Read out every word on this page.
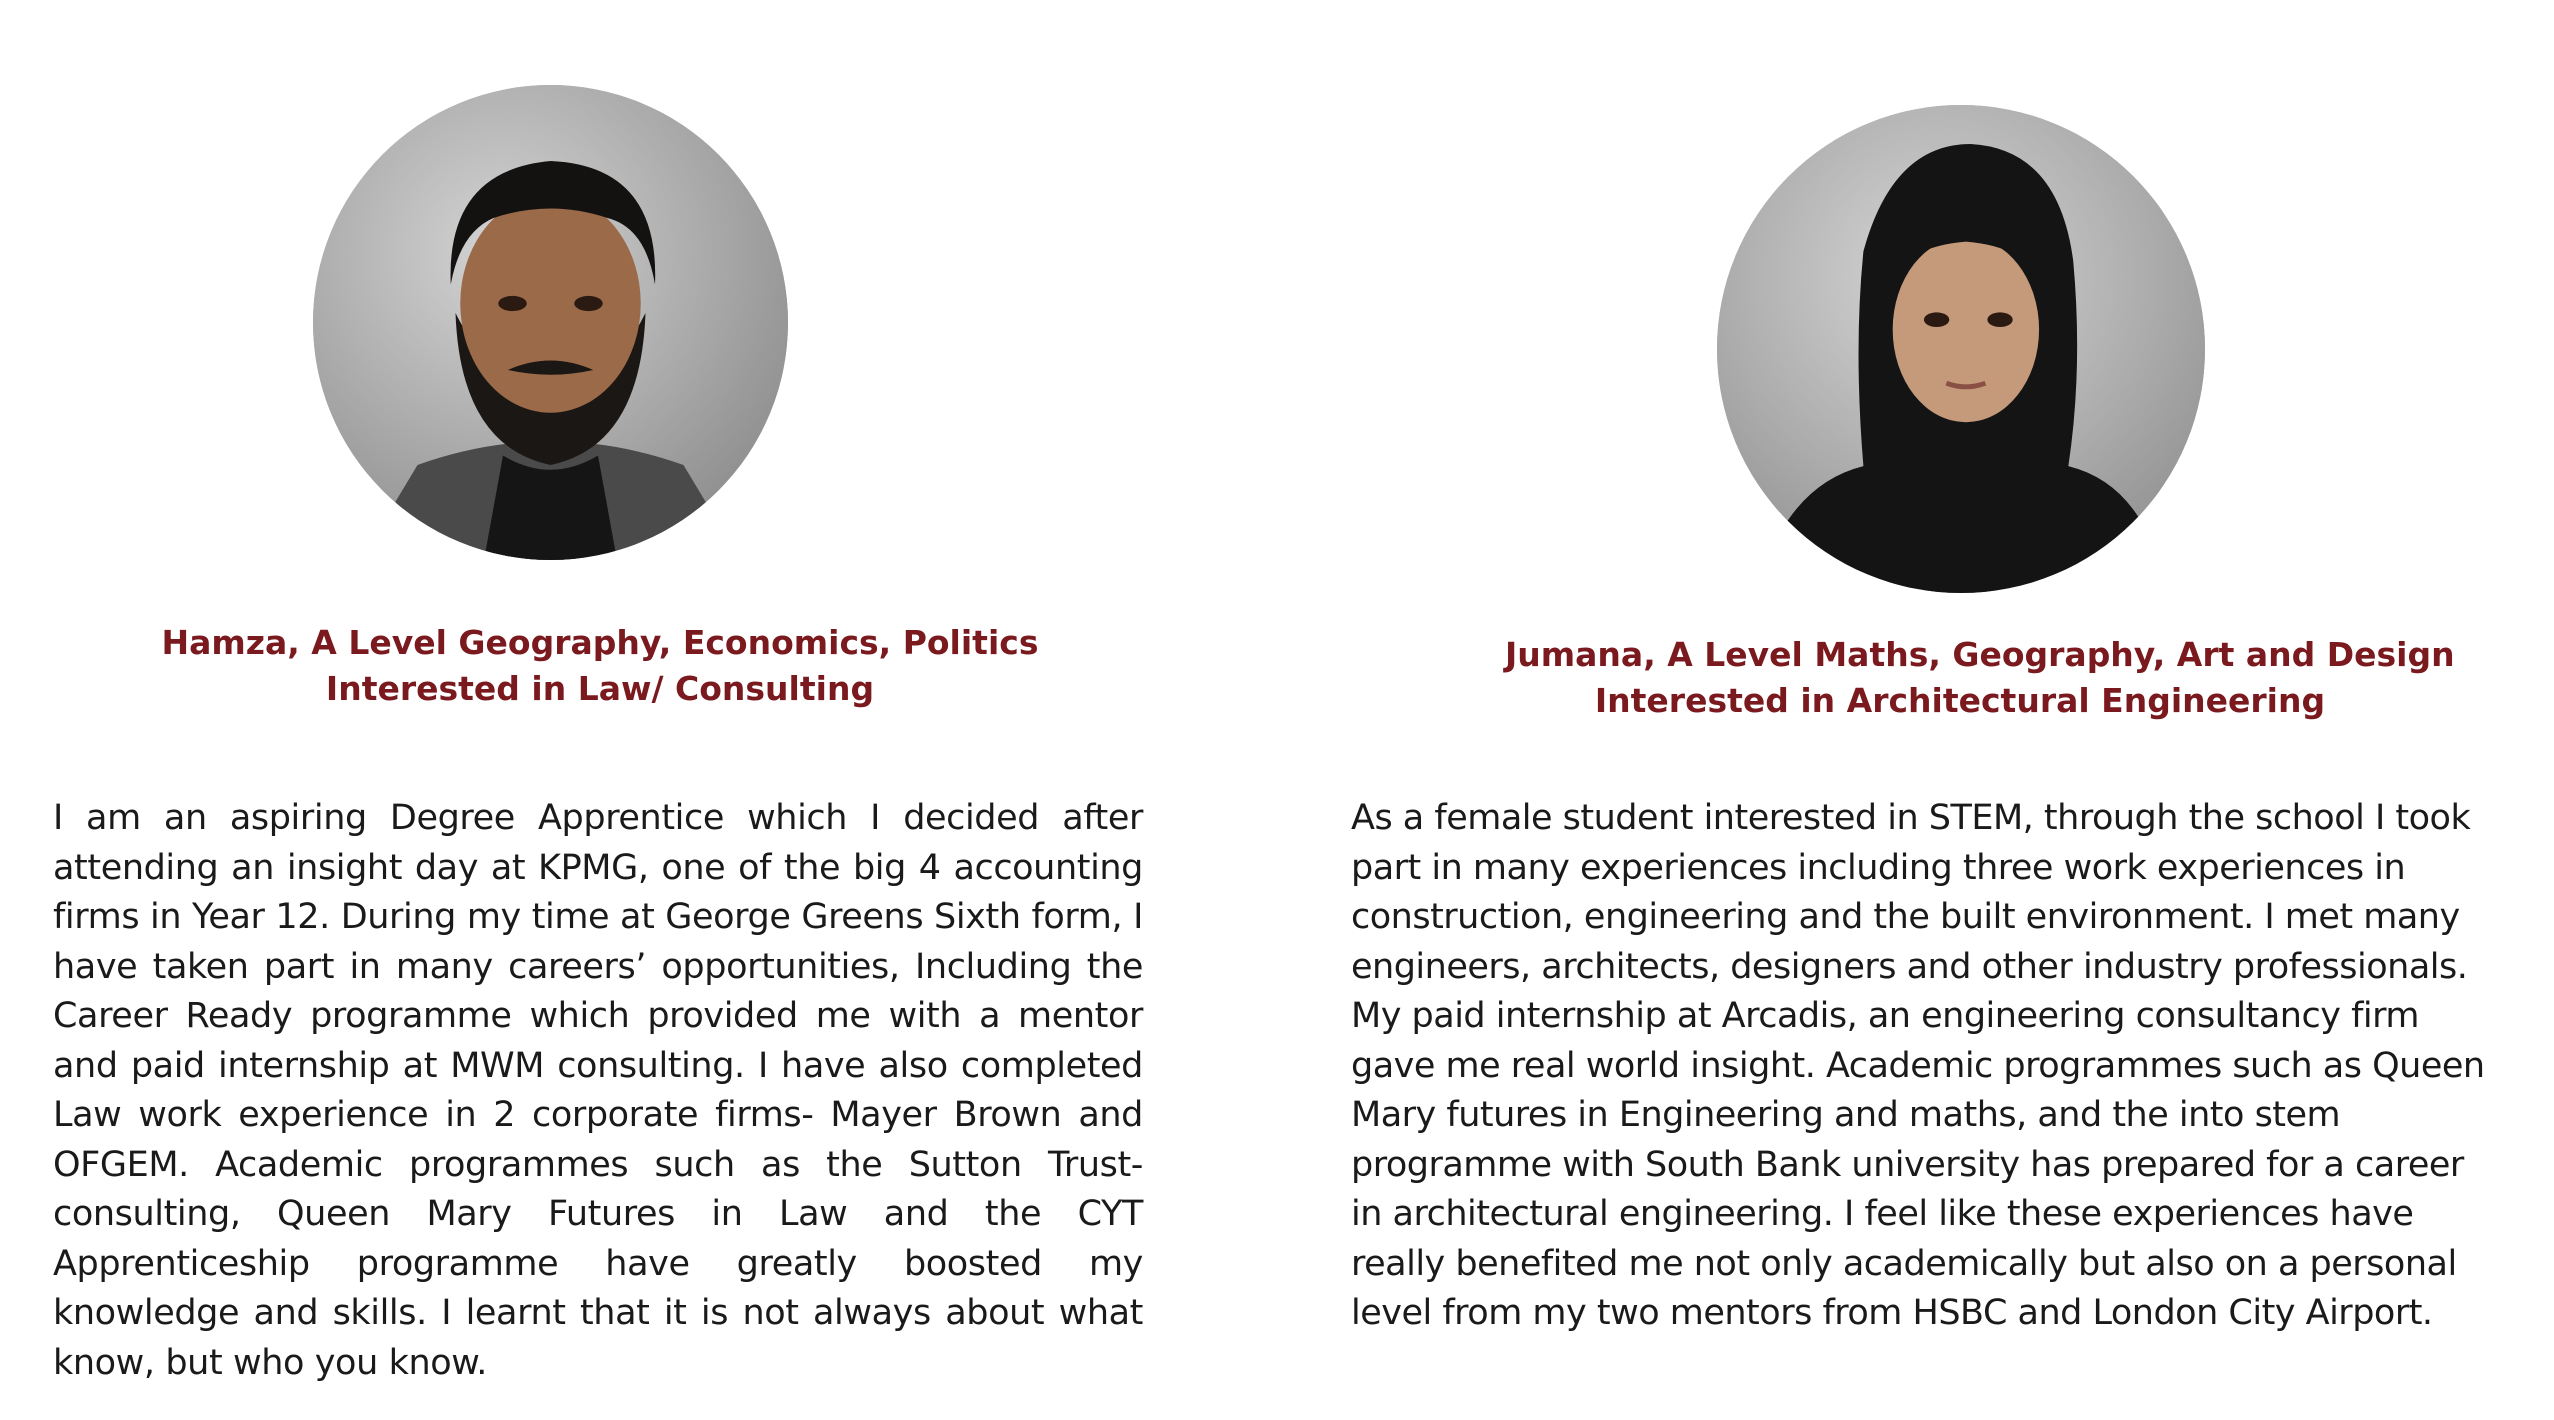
Hamza, A Level Geography, Economics, Politics
Interested in Law/ Consulting

I am an aspiring Degree Apprentice which I decided after attending an insight day at KPMG, one of the big 4 accounting firms in Year 12. During my time at George Greens Sixth form, I have taken part in many careers’ opportunities, Including the Career Ready programme which provided me with a mentor and paid internship at MWM consulting. I have also completed Law work experience in 2 corporate firms- Mayer Brown and OFGEM. Academic programmes such as the Sutton Trust- consulting, Queen Mary Futures in Law and the CYT Apprenticeship programme have greatly boosted my knowledge and skills. I learnt that it is not always about what know, but who you know.

Jumana, A Level Maths, Geography, Art and Design
Interested in Architectural Engineering

As a female student interested in STEM, through the school I took part in many experiences including three work experiences in construction, engineering and the built environment. I met many engineers, architects, designers and other industry professionals. My paid internship at Arcadis, an engineering consultancy firm gave me real world insight. Academic programmes such as Queen Mary futures in Engineering and maths, and the into stem programme with South Bank university has prepared for a career in architectural engineering. I feel like these experiences have really benefited me not only academically but also on a personal level from my two mentors from HSBC and London City Airport.
